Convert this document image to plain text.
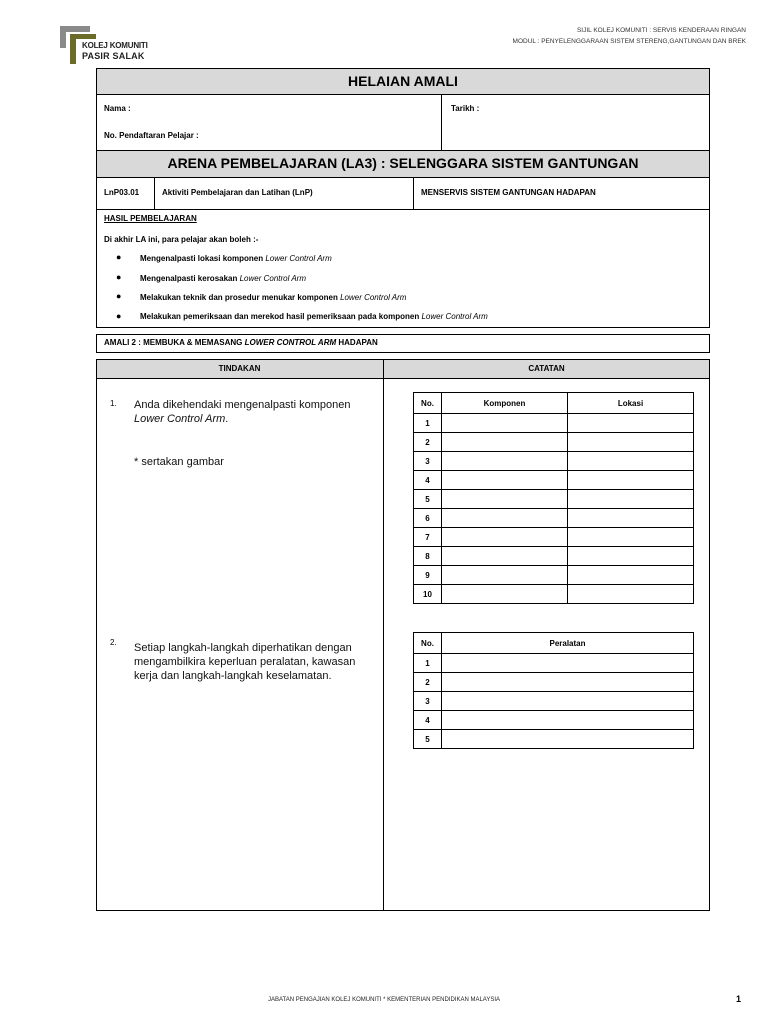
KOLEJ KOMUNITI
PASIR SALAK
SIJIL KOLEJ KOMUNITI : SERVIS KENDERAAN RINGAN
MODUL : PENYELENGGARAAN SISTEM STERENG,GANTUNGAN DAN BREK
HELAIAN AMALI
Nama :	Tarikh :
No. Pendaftaran Pelajar :
ARENA PEMBELAJARAN (LA3) : SELENGGARA SISTEM GANTUNGAN
LnP03.01	Aktiviti Pembelajaran dan Latihan (LnP)	MENSERVIS SISTEM GANTUNGAN HADAPAN
HASIL PEMBELAJARAN
Di akhir LA ini, para pelajar akan boleh :-
● Mengenalpasti lokasi komponen Lower Control Arm
● Mengenalpasti kerosakan Lower Control Arm
● Melakukan teknik dan prosedur menukar komponen Lower Control Arm
● Melakukan pemeriksaan dan merekod hasil pemeriksaan pada komponen Lower Control Arm
AMALI 2 : MEMBUKA & MEMASANG LOWER CONTROL ARM HADAPAN
TINDAKAN	CATATAN
1. Anda dikehendaki mengenalpasti komponen
Lower Control Arm.
* sertakan gambar
2. Setiap langkah-langkah diperhatikan dengan
mengambilkira keperluan peralatan, kawasan
kerja dan langkah-langkah keselamatan.
No.	Komponen	Lokasi
1		
2		
3		
4		
5		
6		
7		
8		
9		
10		
No.	Peralatan
1	
2	
3	
4	
5	
JABATAN PENGAJIAN KOLEJ KOMUNITI * KEMENTERIAN PENDIDIKAN MALAYSIA	1
